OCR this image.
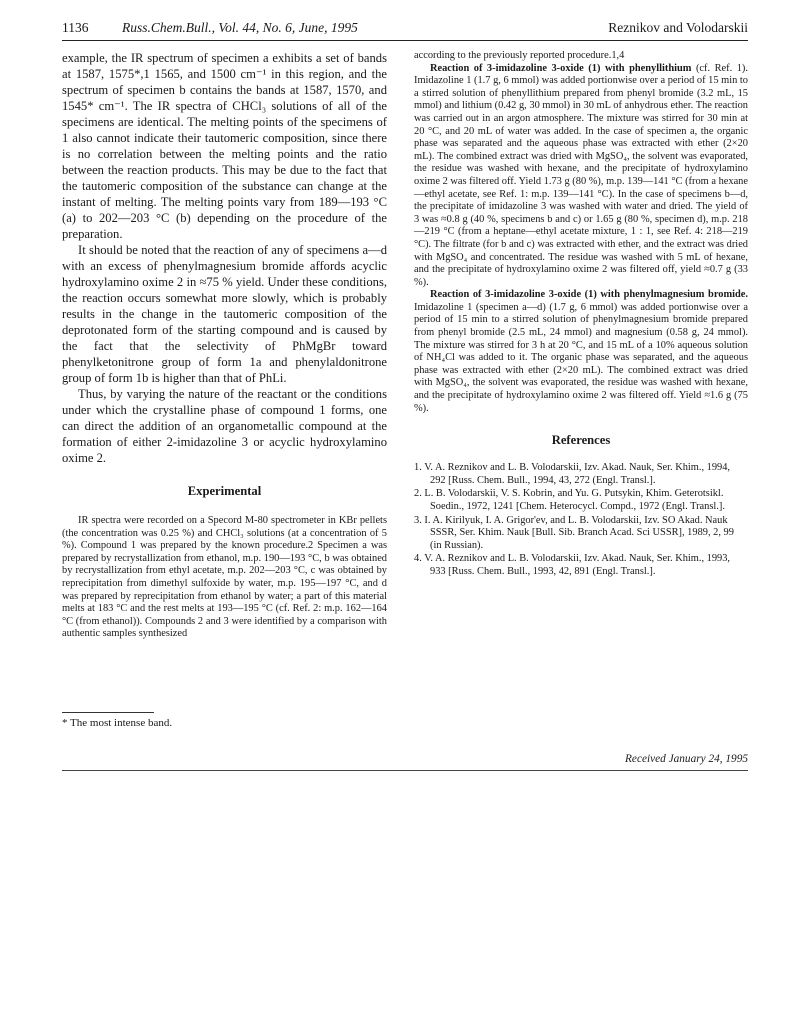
1136 Russ.Chem.Bull., Vol. 44, No. 6, June, 1995	Reznikov and Volodarskii

example, the IR spectrum of specimen a exhibits a set of bands at 1587, 1575*,1 1565, and 1500 cm⁻¹ in this region, and the spectrum of specimen b contains the bands at 1587, 1570, and 1545* cm⁻¹. The IR spectra of CHCl₃ solutions of all of the specimens are identical. The melting points of the specimens of 1 also cannot indicate their tautomeric composition, since there is no correlation between the melting points and the ratio between the reaction products. This may be due to the fact that the tautomeric composition of the substance can change at the instant of melting. The melting points vary from 189—193 °C (a) to 202—203 °C (b) depending on the procedure of the preparation.

It should be noted that the reaction of any of specimens a—d with an excess of phenylmagnesium bromide affords acyclic hydroxylamino oxime 2 in ≈75 % yield. Under these conditions, the reaction occurs somewhat more slowly, which is probably results in the change in the tautomeric composition of the deprotonated form of the starting compound and is caused by the fact that the selectivity of PhMgBr toward phenylketonitrone group of form 1a and phenylaldonitrone group of form 1b is higher than that of PhLi.

Thus, by varying the nature of the reactant or the conditions under which the crystalline phase of compound 1 forms, one can direct the addition of an organometallic compound at the formation of either 2-imidazoline 3 or acyclic hydroxylamino oxime 2.

Experimental

IR spectra were recorded on a Specord M-80 spectrometer in KBr pellets (the concentration was 0.25 %) and CHCl₃ solutions (at a concentration of 5 %). Compound 1 was prepared by the known procedure.2 Specimen a was prepared by recrystallization from ethanol, m.p. 190—193 °C, b was obtained by recrystallization from ethyl acetate, m.p. 202—203 °C, c was obtained by reprecipitation from dimethyl sulfoxide by water, m.p. 195—197 °C, and d was prepared by reprecipitation from ethanol by water; a part of this material melts at 183 °C and the rest melts at 193—195 °C (cf. Ref. 2: m.p. 162—164 °C (from ethanol)). Compounds 2 and 3 were identified by a comparison with authentic samples synthesized

* The most intense band.

according to the previously reported procedure.1,4

Reaction of 3-imidazoline 3-oxide (1) with phenyllithium (cf. Ref. 1). Imidazoline 1 (1.7 g, 6 mmol) was added portionwise over a period of 15 min to a stirred solution of phenyllithium prepared from phenyl bromide (3.2 mL, 15 mmol) and lithium (0.42 g, 30 mmol) in 30 mL of anhydrous ether. The reaction was carried out in an argon atmosphere. The mixture was stirred for 30 min at 20 °C, and 20 mL of water was added. In the case of specimen a, the organic phase was separated and the aqueous phase was extracted with ether (2×20 mL). The combined extract was dried with MgSO₄, the solvent was evaporated, the residue was washed with hexane, and the precipitate of hydroxylamino oxime 2 was filtered off. Yield 1.73 g (80 %), m.p. 139—141 °C (from a hexane—ethyl acetate, see Ref. 1: m.p. 139—141 °C). In the case of specimens b—d, the precipitate of imidazoline 3 was washed with water and dried. The yield of 3 was ≈0.8 g (40 %, specimens b and c) or 1.65 g (80 %, specimen d), m.p. 218—219 °C (from a heptane—ethyl acetate mixture, 1 : 1, see Ref. 4: 218—219 °C). The filtrate (for b and c) was extracted with ether, and the extract was dried with MgSO₄ and concentrated. The residue was washed with 5 mL of hexane, and the precipitate of hydroxylamino oxime 2 was filtered off, yield ≈0.7 g (33 %).

Reaction of 3-imidazoline 3-oxide (1) with phenylmagnesium bromide. Imidazoline 1 (specimen a—d) (1.7 g, 6 mmol) was added portionwise over a period of 15 min to a stirred solution of phenylmagnesium bromide prepared from phenyl bromide (2.5 mL, 24 mmol) and magnesium (0.58 g, 24 mmol). The mixture was stirred for 3 h at 20 °C, and 15 mL of a 10% aqueous solution of NH₄Cl was added to it. The organic phase was separated, and the aqueous phase was extracted with ether (2×20 mL). The combined extract was dried with MgSO₄, the solvent was evaporated, the residue was washed with hexane, and the precipitate of hydroxylamino oxime 2 was filtered off. Yield ≈1.6 g (75 %).

References
1. V. A. Reznikov and L. B. Volodarskii, Izv. Akad. Nauk, Ser. Khim., 1994, 292 [Russ. Chem. Bull., 1994, 43, 272 (Engl. Transl.].
2. L. B. Volodarskii, V. S. Kobrin, and Yu. G. Putsykin, Khim. Geterotsikl. Soedin., 1972, 1241 [Chem. Heterocycl. Compd., 1972 (Engl. Transl.].
3. I. A. Kirilyuk, I. A. Grigor'ev, and L. B. Volodarskii, Izv. SO Akad. Nauk SSSR, Ser. Khim. Nauk [Bull. Sib. Branch Acad. Sci USSR], 1989, 2, 99 (in Russian).
4. V. A. Reznikov and L. B. Volodarskii, Izv. Akad. Nauk, Ser. Khim., 1993, 933 [Russ. Chem. Bull., 1993, 42, 891 (Engl. Transl.].
Received January 24, 1995
